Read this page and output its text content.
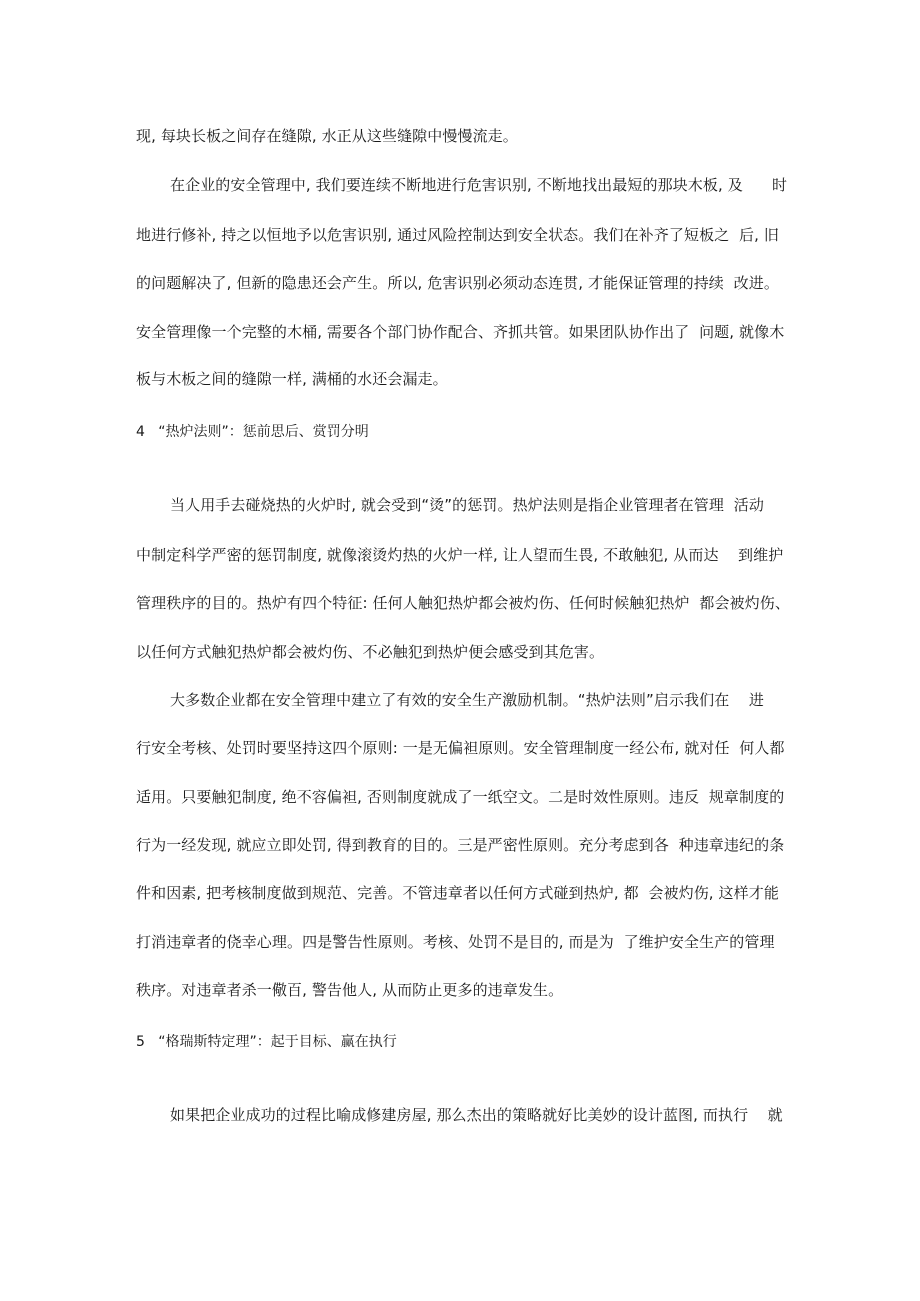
现, 每块长板之间存在缝隙, 水正从这些缝隙中慢慢流走。
在企业的安全管理中, 我们要连续不断地进行危害识别, 不断地找出最短的那块木板, 及      时
地进行修补, 持之以恒地予以危害识别, 通过风险控制达到安全状态。我们在补齐了短板之  后, 旧
的问题解决了, 但新的隐患还会产生。所以, 危害识别必须动态连贯, 才能保证管理的持续  改进。
安全管理像一个完整的木桶, 需要各个部门协作配合、齐抓共管。如果团队协作出了  问题, 就像木
板与木板之间的缝隙一样, 满桶的水还会漏走。
4   “热炉法则”：惩前思后、赏罚分明
当人用手去碰烧热的火炉时, 就会受到“烫”的惩罚。热炉法则是指企业管理者在管理  活动
中制定科学严密的惩罚制度, 就像滚烫灼热的火炉一样, 让人望而生畏, 不敢触犯, 从而达    到维护
管理秩序的目的。热炉有四个特征: 任何人触犯热炉都会被灼伤、任何时候触犯热炉  都会被灼伤、
以任何方式触犯热炉都会被灼伤、不必触犯到热炉便会感受到其危害。
大多数企业都在安全管理中建立了有效的安全生产激励机制。“热炉法则”启示我们在    进
行安全考核、处罚时要坚持这四个原则: 一是无偏袒原则。安全管理制度一经公布, 就对任  何人都
适用。只要触犯制度, 绝不容偏袒, 否则制度就成了一纸空文。二是时效性原则。违反  规章制度的
行为一经发现, 就应立即处罚, 得到教育的目的。三是严密性原则。充分考虑到各  种违章违纪的条
件和因素, 把考核制度做到规范、完善。不管违章者以任何方式碰到热炉, 都  会被灼伤, 这样才能
打消违章者的侥幸心理。四是警告性原则。考核、处罚不是目的, 而是为  了维护安全生产的管理
秩序。对违章者杀一儆百, 警告他人, 从而防止更多的违章发生。
5   “格瑞斯特定理”：起于目标、赢在执行
如果把企业成功的过程比喻成修建房屋, 那么杰出的策略就好比美妙的设计蓝图, 而执行    就
